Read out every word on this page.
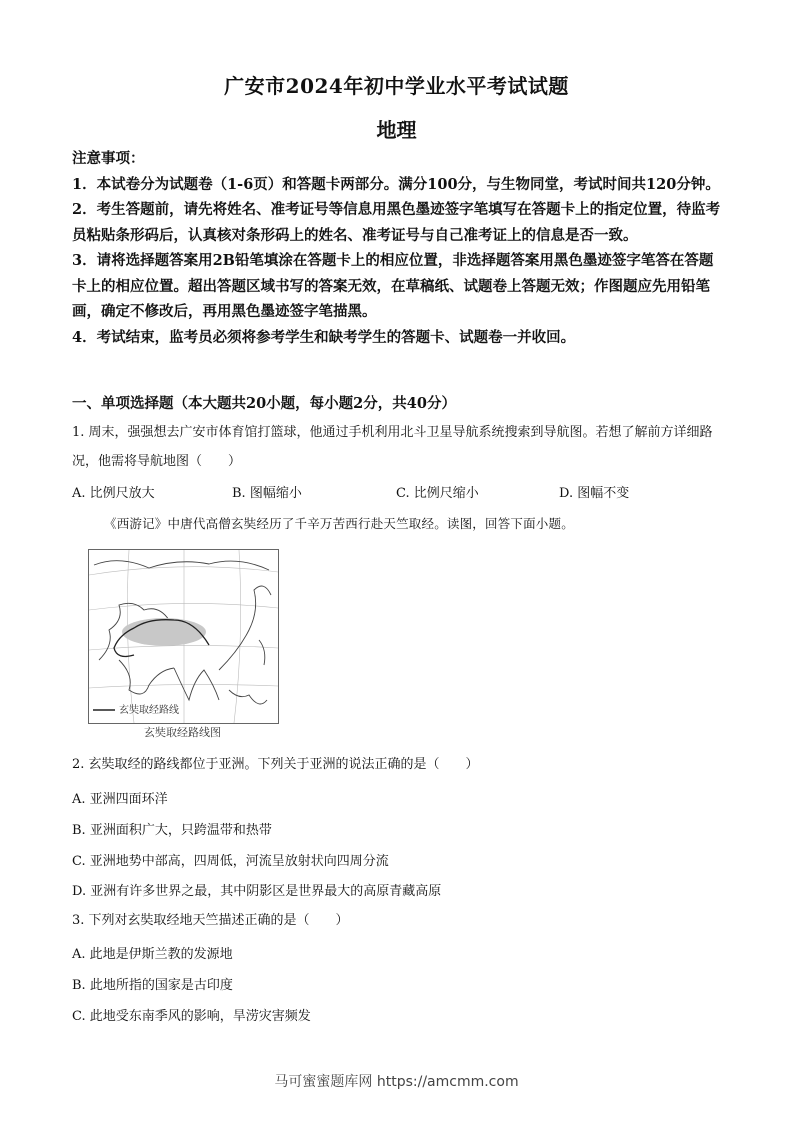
广安市2024年初中学业水平考试试题
地理

注意事项：

1．本试卷分为试题卷（1-6页）和答题卡两部分。满分100分，与生物同堂，考试时间共120分钟。

2．考生答题前，请先将姓名、准考证号等信息用黑色墨迹签字笔填写在答题卡上的指定位置，待监考员粘贴条形码后，认真核对条形码上的姓名、准考证号与自己准考证上的信息是否一致。

3．请将选择题答案用2B铅笔填涂在答题卡上的相应位置，非选择题答案用黑色墨迹签字笔答在答题卡上的相应位置。超出答题区域书写的答案无效，在草稿纸、试题卷上答题无效；作图题应先用铅笔画，确定不修改后，再用黑色墨迹签字笔描黑。

4．考试结束，监考员必须将参考学生和缺考学生的答题卡、试题卷一并收回。

一、单项选择题（本大题共20小题，每小题2分，共40分）
1. 周末，强强想去广安市体育馆打篮球，他通过手机利用北斗卫星导航系统搜索到导航图。若想了解前方详细路况，他需将导航地图（　　）
A. 比例尺放大	B. 图幅缩小	C. 比例尺缩小	D. 图幅不变
《西游记》中唐代高僧玄奘经历了千辛万苦西行赴天竺取经。读图，回答下面小题。
玄奘取经路线
玄奘取经路线图
2. 玄奘取经的路线都位于亚洲。下列关于亚洲的说法正确的是（　　）
A. 亚洲四面环洋
B. 亚洲面积广大，只跨温带和热带
C. 亚洲地势中部高，四周低，河流呈放射状向四周分流
D. 亚洲有许多世界之最，其中阴影区是世界最大的高原青藏高原
3. 下列对玄奘取经地天竺描述正确的是（　　）
A. 此地是伊斯兰教的发源地
B. 此地所指的国家是古印度
C. 此地受东南季风的影响，旱涝灾害频发
马可蜜蜜题库网 https://amcmm.com
